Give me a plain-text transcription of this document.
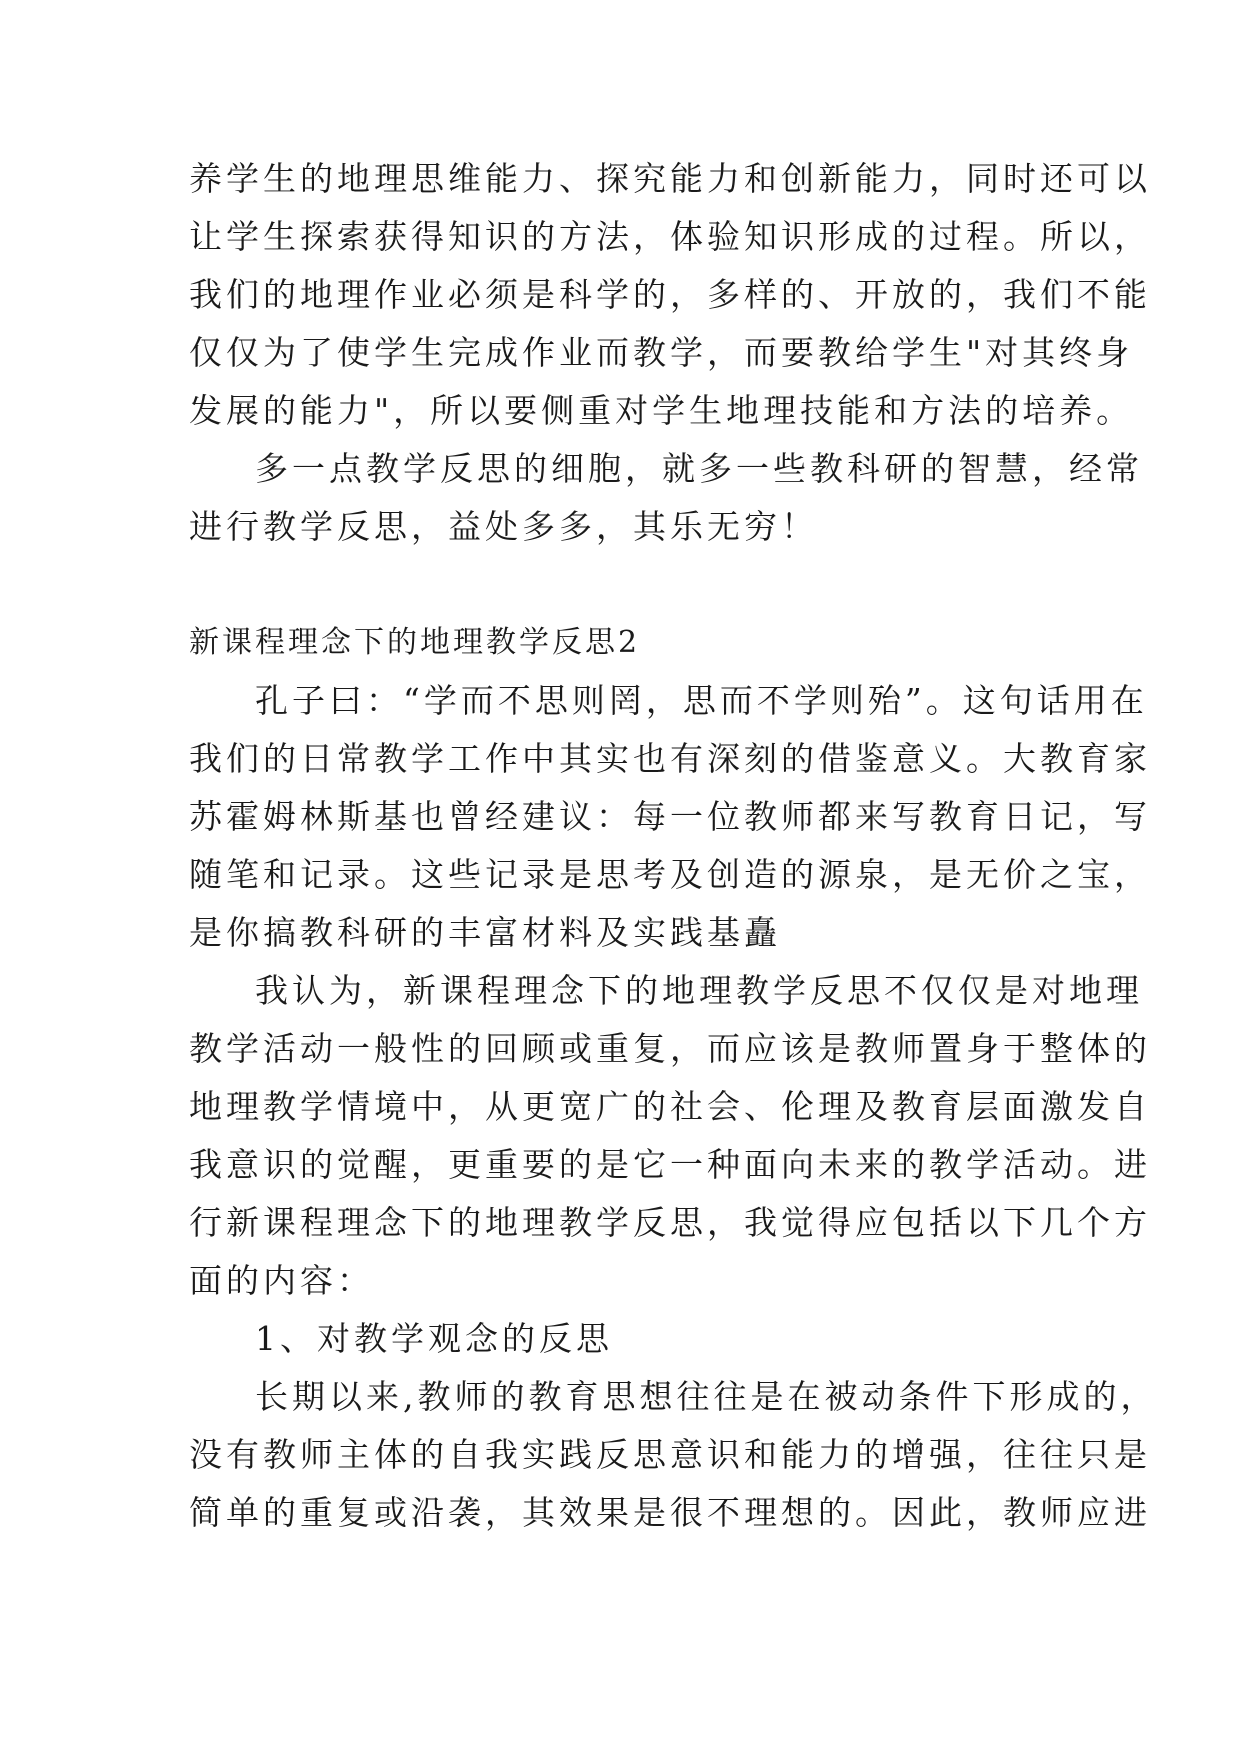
养学生的地理思维能力、探究能力和创新能力，同时还可以

让学生探索获得知识的方法，体验知识形成的过程。所以，

我们的地理作业必须是科学的，多样的、开放的，我们不能

仅仅为了使学生完成作业而教学，而要教给学生"对其终身

发展的能力"，所以要侧重对学生地理技能和方法的培养。

多一点教学反思的细胞，就多一些教科研的智慧，经常

进行教学反思，益处多多，其乐无穷！

新课程理念下的地理教学反思2

孔子曰：“学而不思则罔，思而不学则殆”。这句话用在

我们的日常教学工作中其实也有深刻的借鉴意义。大教育家

苏霍姆林斯基也曾经建议：每一位教师都来写教育日记，写

随笔和记录。这些记录是思考及创造的源泉，是无价之宝，

是你搞教科研的丰富材料及实践基矗

我认为，新课程理念下的地理教学反思不仅仅是对地理

教学活动一般性的回顾或重复，而应该是教师置身于整体的

地理教学情境中，从更宽广的社会、伦理及教育层面激发自

我意识的觉醒，更重要的是它一种面向未来的教学活动。进

行新课程理念下的地理教学反思，我觉得应包括以下几个方

面的内容：

1、对教学观念的反思

长期以来,教师的教育思想往往是在被动条件下形成的，

没有教师主体的自我实践反思意识和能力的增强，往往只是

简单的重复或沿袭，其效果是很不理想的。因此，教师应进
